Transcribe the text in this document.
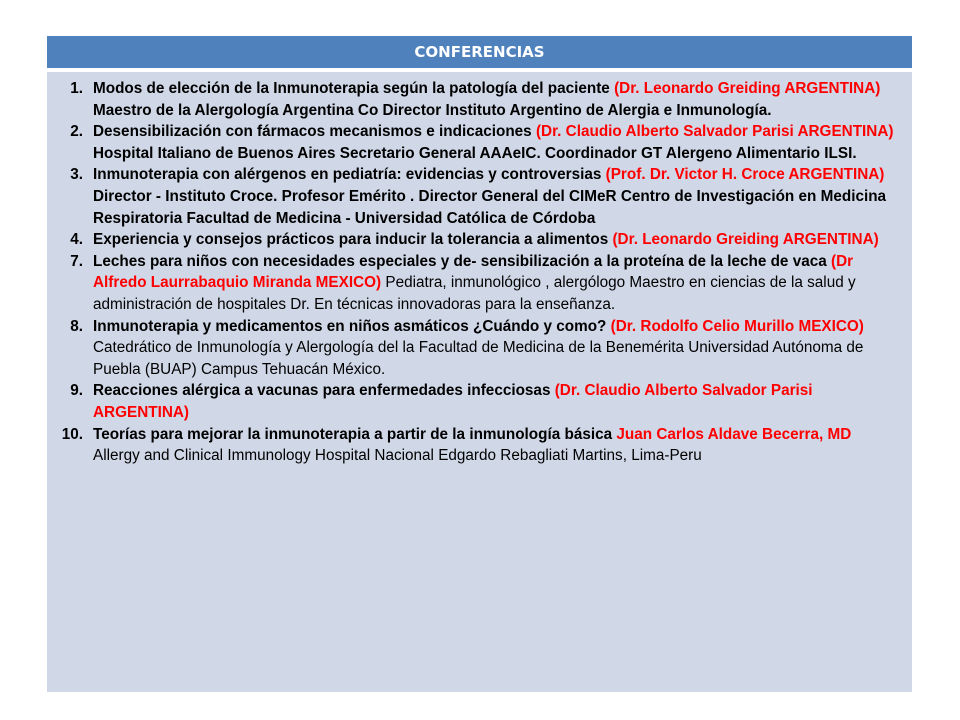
CONFERENCIAS
1. Modos de elección de la Inmunoterapia según la patología del paciente (Dr. Leonardo Greiding ARGENTINA) Maestro de la Alergología Argentina Co Director Instituto Argentino de Alergia e Inmunología.
2. Desensibilización con fármacos mecanismos e indicaciones (Dr. Claudio Alberto Salvador Parisi ARGENTINA) Hospital Italiano de Buenos Aires Secretario General AAAeIC. Coordinador GT Alergeno Alimentario ILSI.
3. Inmunoterapia con alérgenos en pediatría: evidencias y controversias (Prof. Dr. Victor H. Croce ARGENTINA) Director - Instituto Croce. Profesor Emérito . Director General del CIMeR Centro de Investigación en Medicina Respiratoria Facultad de Medicina - Universidad Católica de Córdoba
4. Experiencia y consejos prácticos para inducir la tolerancia a alimentos (Dr. Leonardo Greiding ARGENTINA)
7. Leches para niños con necesidades especiales y de- sensibilización a la proteína de la leche de vaca (Dr Alfredo Laurrabaquio Miranda MEXICO) Pediatra, inmunológico , alergólogo Maestro en ciencias de la salud y administración de hospitales Dr. En técnicas innovadoras para la enseñanza.
8. Inmunoterapia y medicamentos en niños asmáticos ¿Cuándo y como? (Dr. Rodolfo Celio Murillo MEXICO) Catedrático de Inmunología y Alergología del la Facultad de Medicina de la Benemérita Universidad Autónoma de Puebla (BUAP) Campus Tehuacán México.
9. Reacciones alérgica a vacunas para enfermedades infecciosas (Dr. Claudio Alberto Salvador Parisi ARGENTINA)
10. Teorías para mejorar la inmunoterapia a partir de la inmunología básica Juan Carlos Aldave Becerra, MD Allergy and Clinical Immunology Hospital Nacional Edgardo Rebagliati Martins, Lima-Peru
